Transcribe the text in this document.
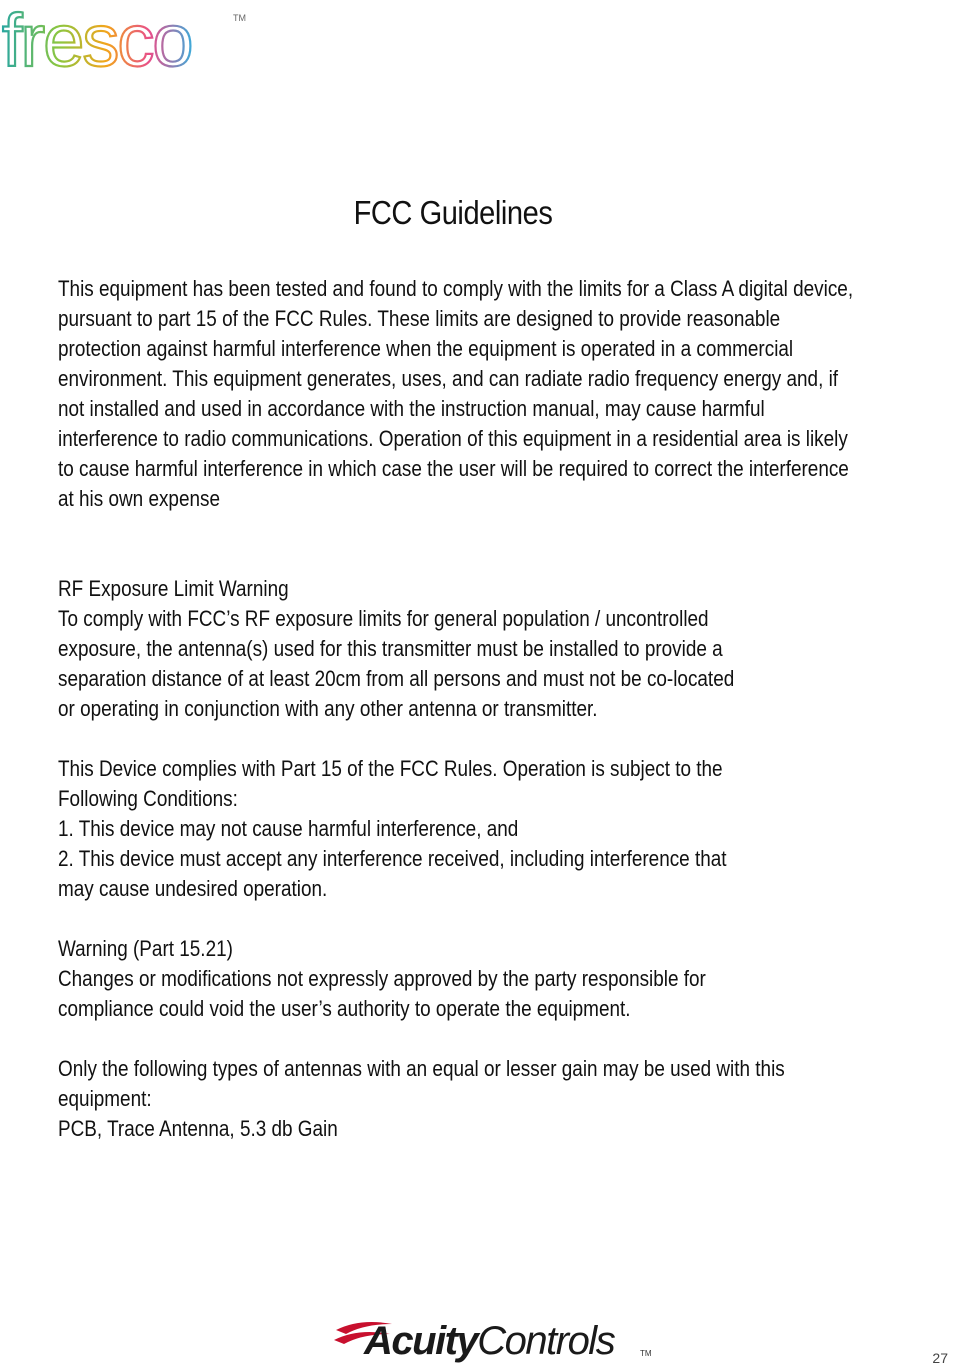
fresco	TM
FCC Guidelines
This equipment has been tested and found to comply with the limits for a Class A digital device,
pursuant to part 15 of the FCC Rules. These limits are designed to provide reasonable
protection against harmful interference when the equipment is operated in a commercial
environment. This equipment generates, uses, and can radiate radio frequency energy and, if
not installed and used in accordance with the instruction manual, may cause harmful
interference to radio communications. Operation of this equipment in a residential area is likely
to cause harmful interference in which case the user will be required to correct the interference
at his own expense
RF Exposure Limit Warning
To comply with FCC’s RF exposure limits for general population / uncontrolled
exposure, the antenna(s) used for this transmitter must be installed to provide a
separation distance of at least 20cm from all persons and must not be co-located
or operating in conjunction with any other antenna or transmitter.
This Device complies with Part 15 of the FCC Rules. Operation is subject to the
Following Conditions:
1. This device may not cause harmful interference, and
2. This device must accept any interference received, including interference that
may cause undesired operation.
Warning (Part 15.21)
Changes or modifications not expressly approved by the party responsible for
compliance could void the user’s authority to operate the equipment.
Only the following types of antennas with an equal or lesser gain may be used with this
equipment:
PCB, Trace Antenna, 5.3 db Gain
AcuityControls	TM	27
